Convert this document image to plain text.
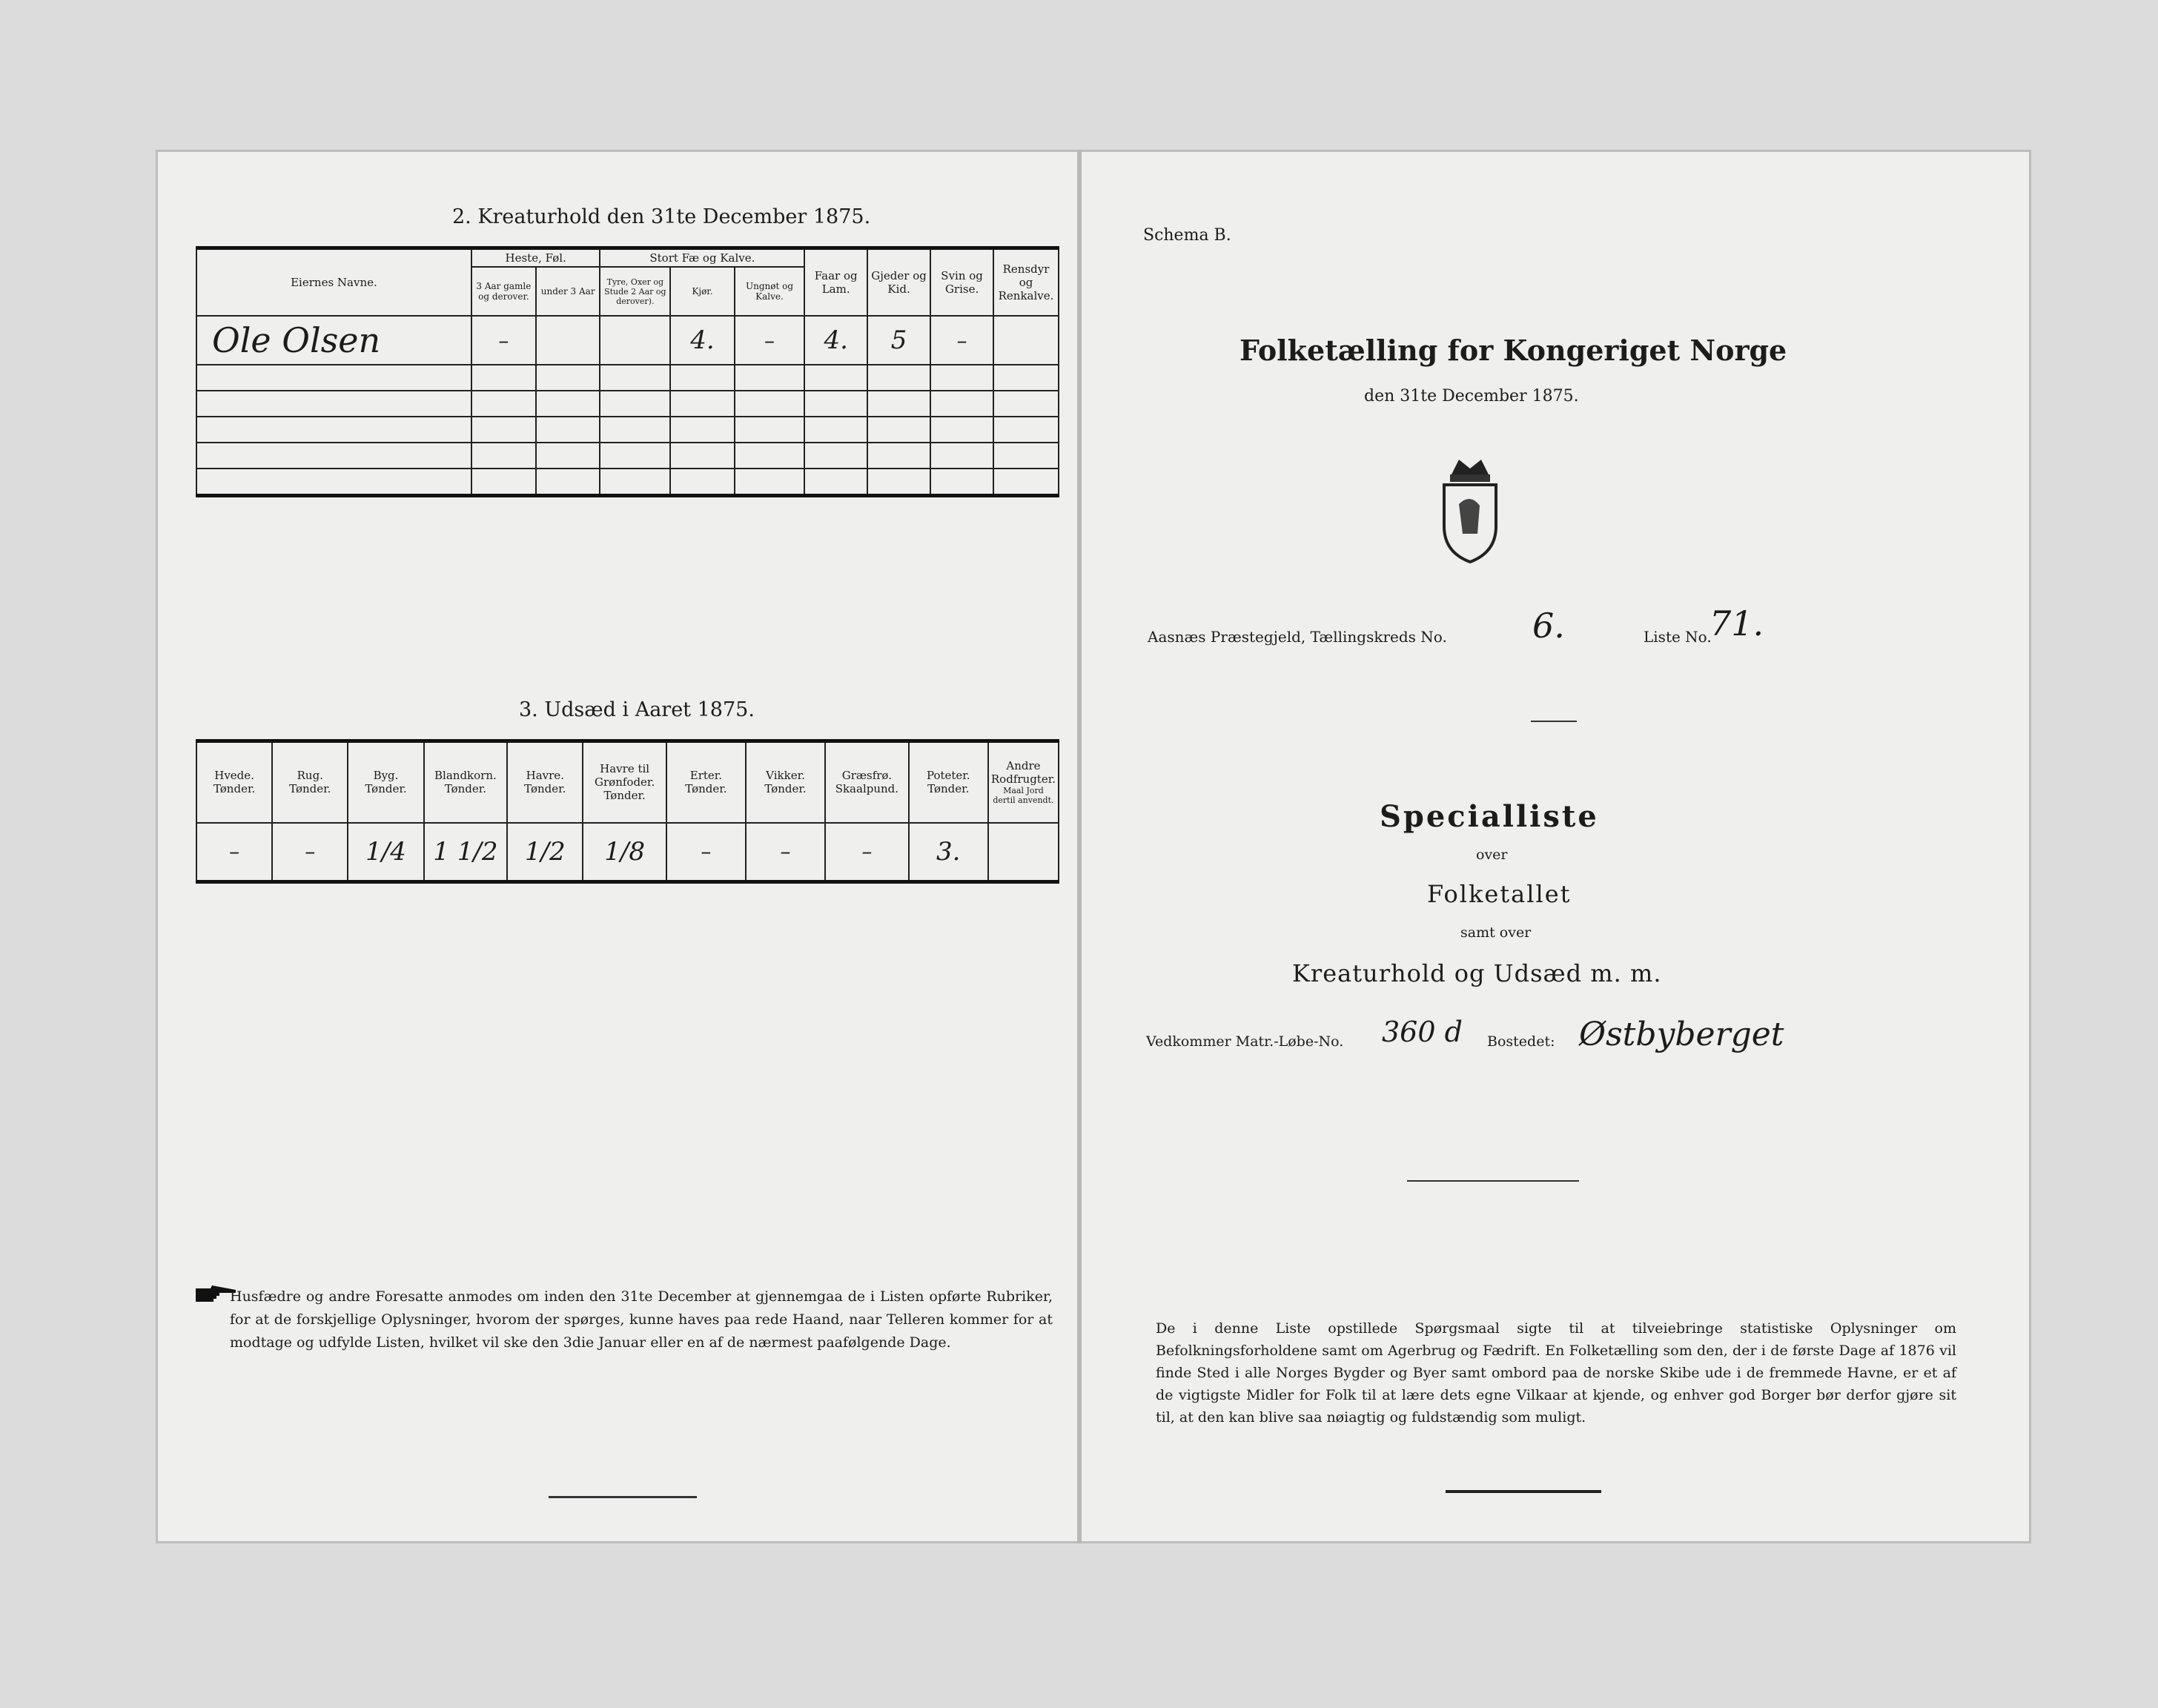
2. Kreaturhold den 31te December 1875.
Eiernes Navne.	Heste, Føl.		Stort Fæ og Kalve.			Faar og Lam.	Gjeder og Kid.	Svin og Grise.	Rensdyr og Renkalve.
	3 Aar gamle og derover.	under 3 Aar	Tyre, Oxer og Stude 2 Aar og derover).	Kjør.	Ungnøt og Kalve.				
Ole Olsen	–			4.	–	4.	5	–	

3. Udsæd i Aaret 1875.
Hvede. Tønder.	Rug. Tønder.	Byg. Tønder.	Blandkorn. Tønder.	Havre. Tønder.	Havre til Grønfoder. Tønder.	Erter. Tønder.	Vikker. Tønder.	Græsfrø. Skaalpund.	Poteter. Tønder.	Andre Rodfrugter.
Maal Jord dertil anvendt.

–	–	1/4	1 1/2	1/2	1/8	–	–	–	3.	
Husfædre og andre Foresatte anmodes om inden den 31te December at gjennemgaa de i Listen opførte Rubriker, for at de forskjellige Oplysninger, hvorom der spørges, kunne haves paa rede Haand, naar Telleren kommer for at modtage og udfylde Listen, hvilket vil ske den 3die Januar eller en af de nærmest paafølgende Dage.
Schema B.
Folketælling for Kongeriget Norge
den 31te December 1875.
Aasnæs Præstegjeld, Tællingskreds No.	6.	Liste No.
71.
Specialliste
over
Folketallet
samt over
Kreaturhold og Udsæd m. m.
Vedkommer Matr.-Løbe-No. 360 d Bostedet: Østbyberget
De i denne Liste opstillede Spørgsmaal sigte til at tilveiebringe statistiske Oplysninger om Befolkningsforholdene samt om Agerbrug og Fædrift. En Folketælling som den, der i de første Dage af 1876 vil finde Sted i alle Norges Bygder og Byer samt ombord paa de norske Skibe ude i de fremmede Havne, er et af de vigtigste Midler for Folk til at lære dets egne Vilkaar at kjende, og enhver god Borger bør derfor gjøre sit til, at den kan blive saa nøiagtig og fuldstændig som muligt.
